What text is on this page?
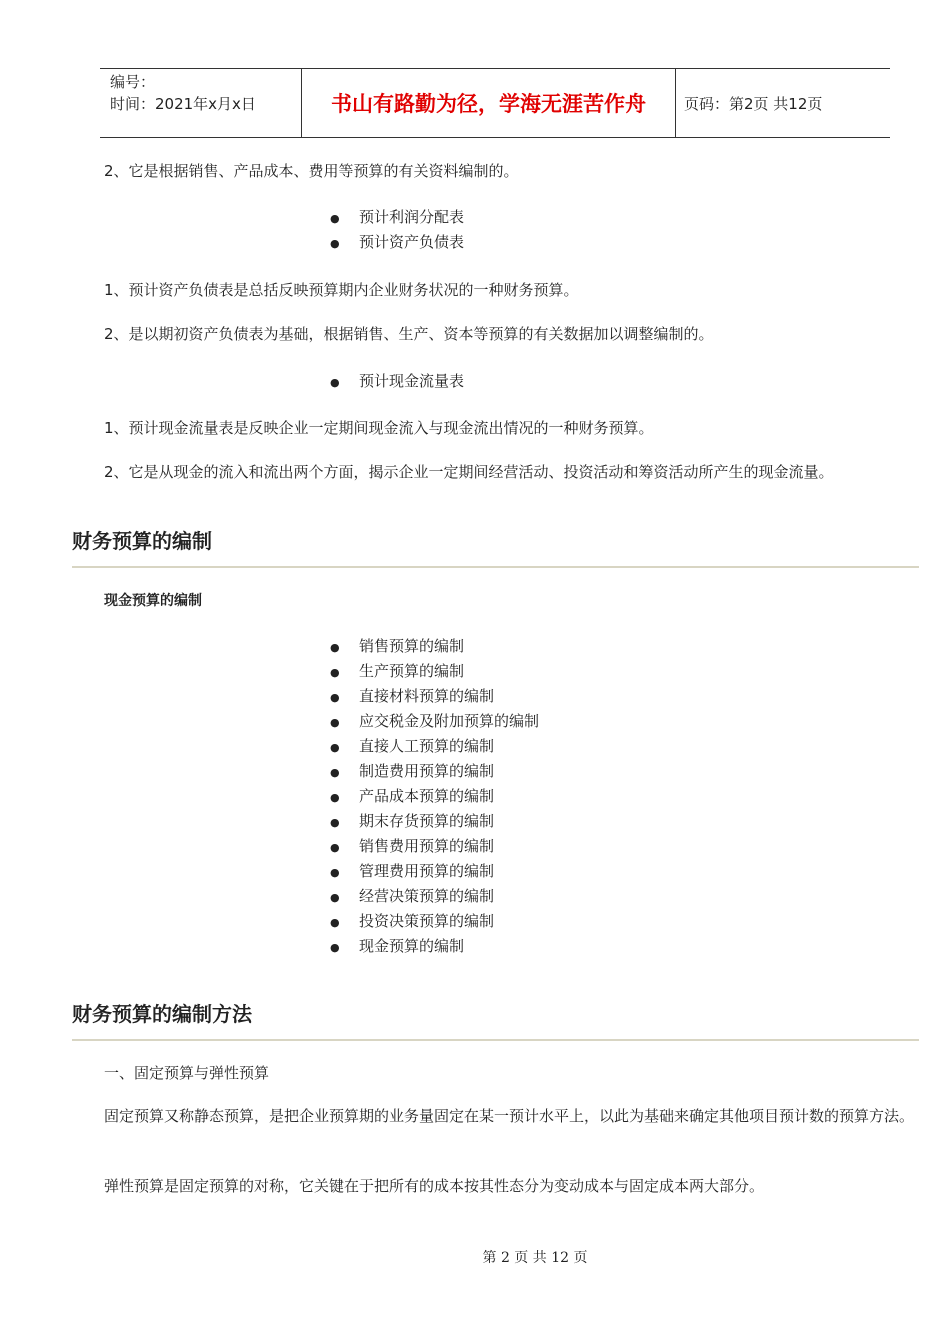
编号：
时间：2021年x月x日	书山有路勤为径，学海无涯苦作舟	页码：第2页 共12页
2、它是根据销售、产品成本、费用等预算的有关资料编制的。
● 预计利润分配表
● 预计资产负债表
1、预计资产负债表是总括反映预算期内企业财务状况的一种财务预算。
2、是以期初资产负债表为基础，根据销售、生产、资本等预算的有关数据加以调整编制的。
● 预计现金流量表
1、预计现金流量表是反映企业一定期间现金流入与现金流出情况的一种财务预算。
2、它是从现金的流入和流出两个方面，揭示企业一定期间经营活动、投资活动和筹资活动所产生的现金流量。
财务预算的编制
现金预算的编制
● 销售预算的编制
● 生产预算的编制
● 直接材料预算的编制
● 应交税金及附加预算的编制
● 直接人工预算的编制
● 制造费用预算的编制
● 产品成本预算的编制
● 期末存货预算的编制
● 销售费用预算的编制
● 管理费用预算的编制
● 经营决策预算的编制
● 投资决策预算的编制
● 现金预算的编制
财务预算的编制方法
一、固定预算与弹性预算
固定预算又称静态预算，是把企业预算期的业务量固定在某一预计水平上，以此为基础来确定其他项目预计数的预算方法。
弹性预算是固定预算的对称，它关键在于把所有的成本按其性态分为变动成本与固定成本两大部分。
第 2 页 共 12 页
